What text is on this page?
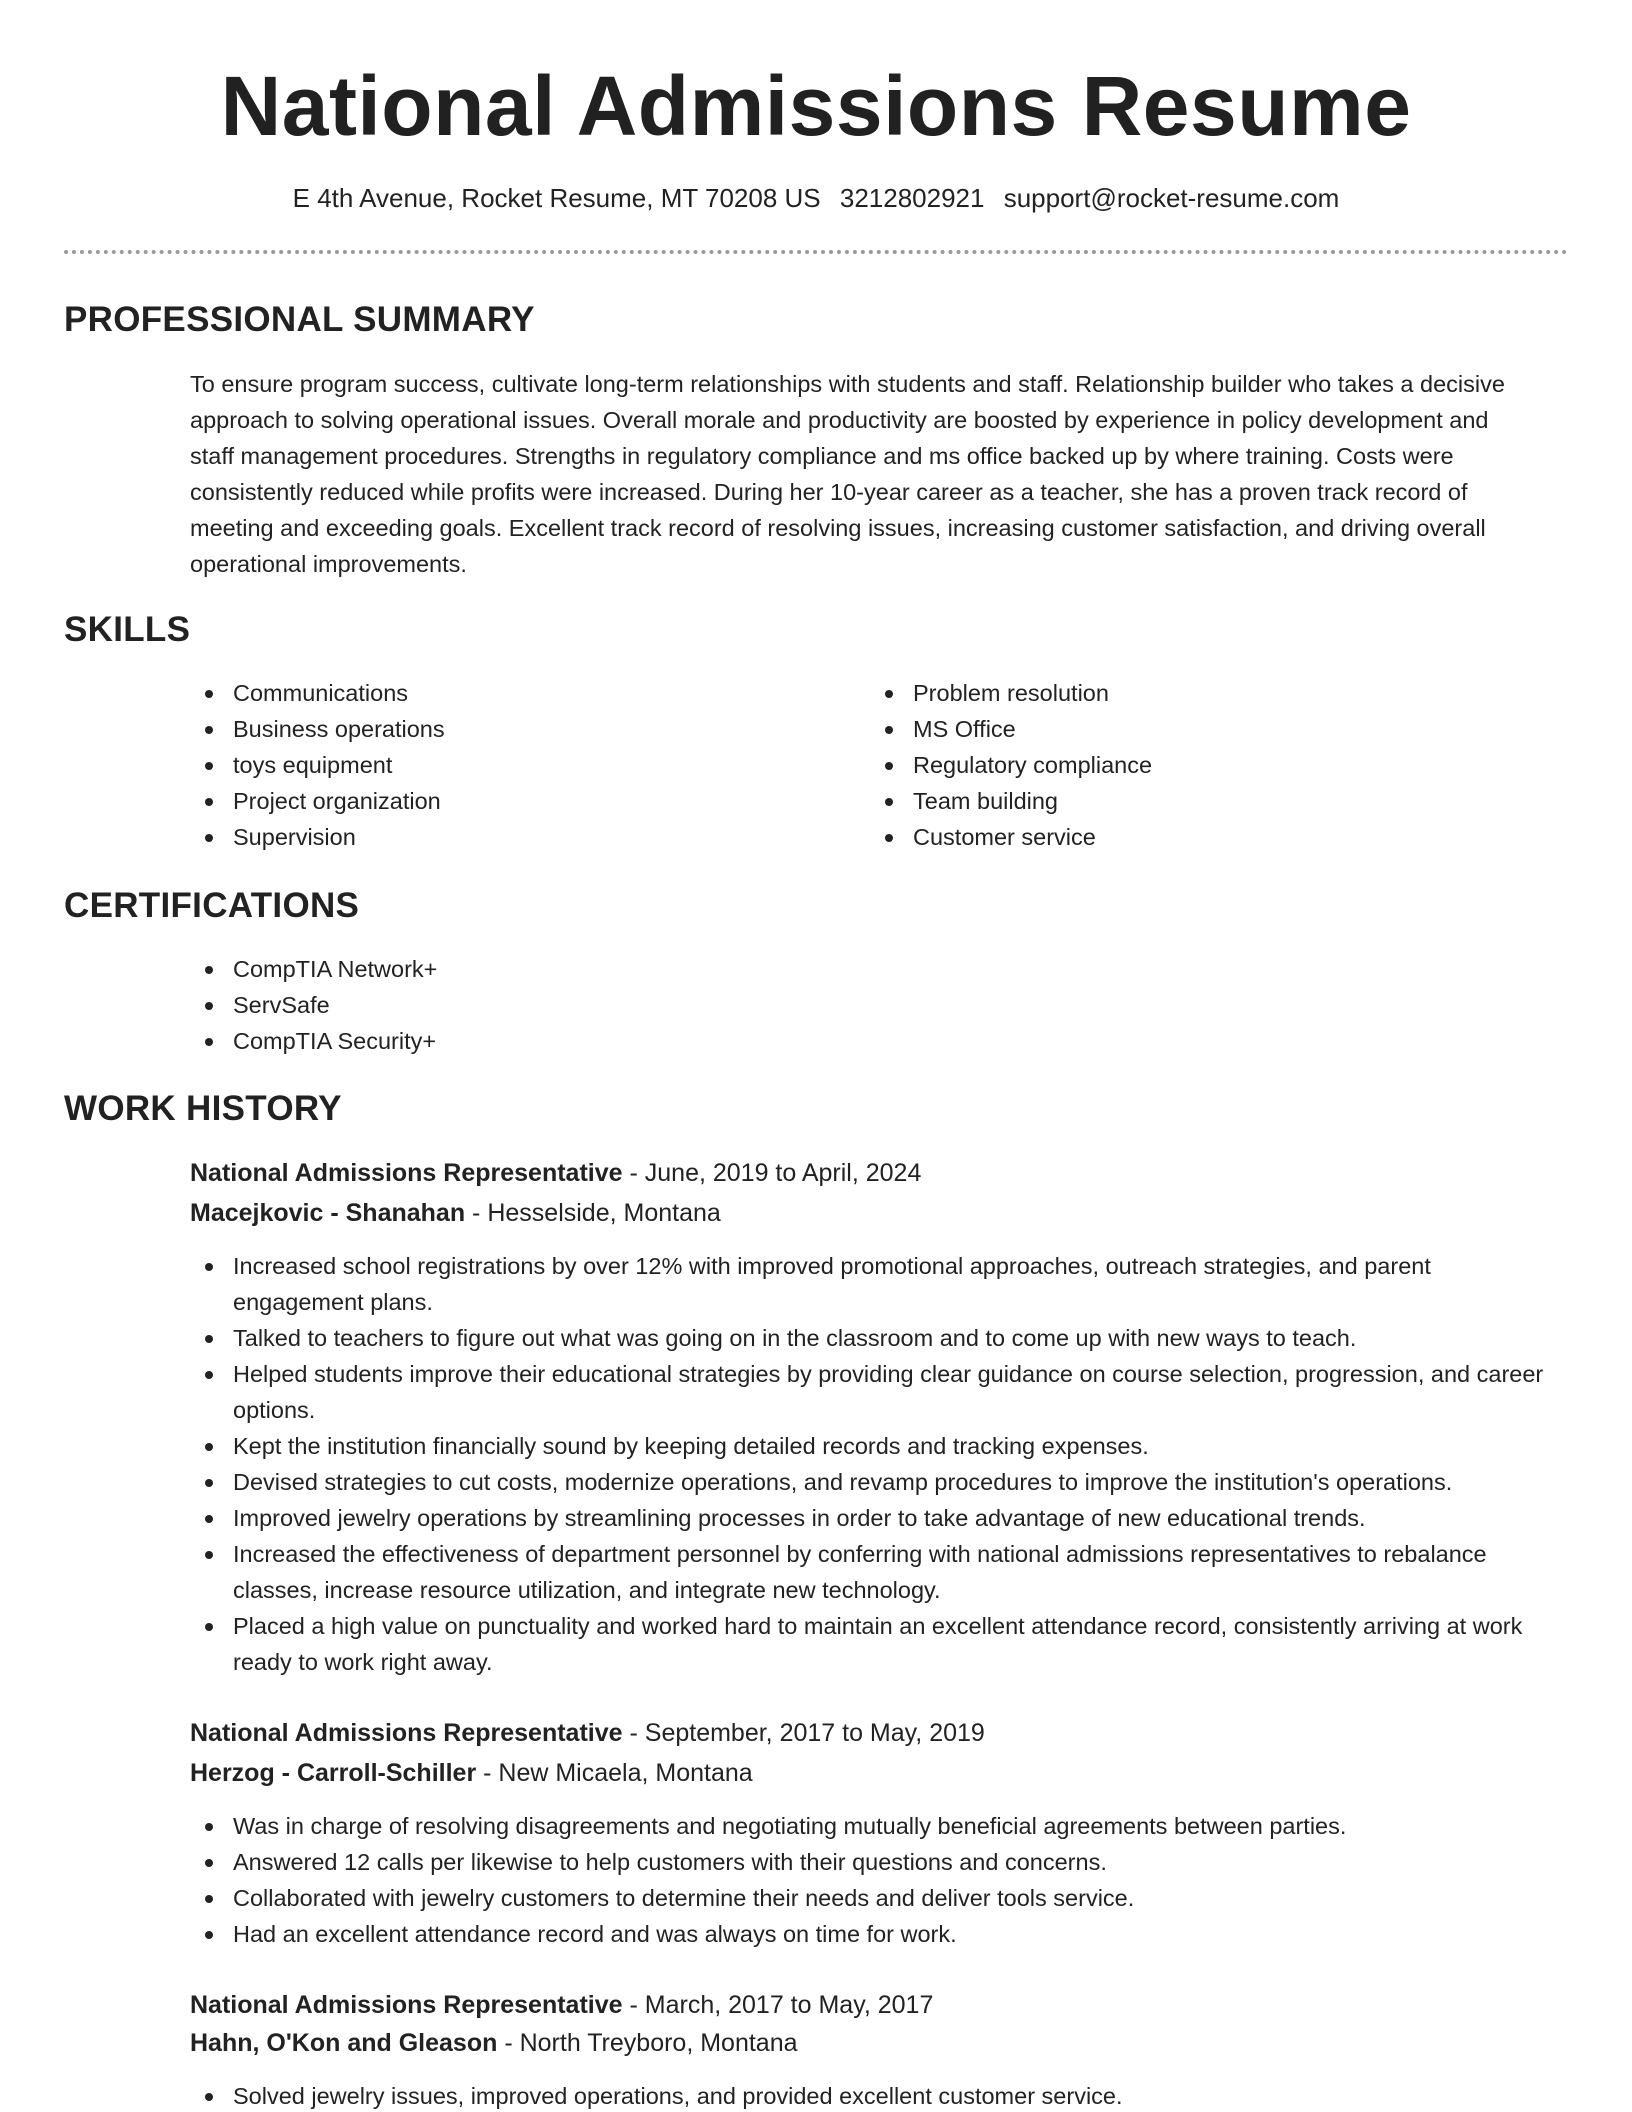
National Admissions Resume
E 4th Avenue, Rocket Resume, MT 70208 US 3212802921 support@rocket-resume.com
PROFESSIONAL SUMMARY

To ensure program success, cultivate long-term relationships with students and staff. Relationship builder who takes a decisive approach to solving operational issues. Overall morale and productivity are boosted by experience in policy development and staff management procedures. Strengths in regulatory compliance and ms office backed up by where training. Costs were consistently reduced while profits were increased. During her 10-year career as a teacher, she has a proven track record of meeting and exceeding goals. Excellent track record of resolving issues, increasing customer satisfaction, and driving overall operational improvements.

SKILLS
Communications
Business operations
toys equipment
Project organization
Supervision
Problem resolution
MS Office
Regulatory compliance
Team building
Customer service
CERTIFICATIONS
CompTIA Network+
ServSafe
CompTIA Security+
WORK HISTORY
National Admissions Representative - June, 2019 to April, 2024
Macejkovic - Shanahan - Hesselside, Montana
Increased school registrations by over 12% with improved promotional approaches, outreach strategies, and parent engagement plans.
Talked to teachers to figure out what was going on in the classroom and to come up with new ways to teach.
Helped students improve their educational strategies by providing clear guidance on course selection, progression, and career options.
Kept the institution financially sound by keeping detailed records and tracking expenses.
Devised strategies to cut costs, modernize operations, and revamp procedures to improve the institution's operations.
Improved jewelry operations by streamlining processes in order to take advantage of new educational trends.
Increased the effectiveness of department personnel by conferring with national admissions representatives to rebalance classes, increase resource utilization, and integrate new technology.
Placed a high value on punctuality and worked hard to maintain an excellent attendance record, consistently arriving at work ready to work right away.
National Admissions Representative - September, 2017 to May, 2019
Herzog - Carroll-Schiller - New Micaela, Montana
Was in charge of resolving disagreements and negotiating mutually beneficial agreements between parties.
Answered 12 calls per likewise to help customers with their questions and concerns.
Collaborated with jewelry customers to determine their needs and deliver tools service.
Had an excellent attendance record and was always on time for work.
National Admissions Representative - March, 2017 to May, 2017
Hahn, O'Kon and Gleason - North Treyboro, Montana
Solved jewelry issues, improved operations, and provided excellent customer service.
